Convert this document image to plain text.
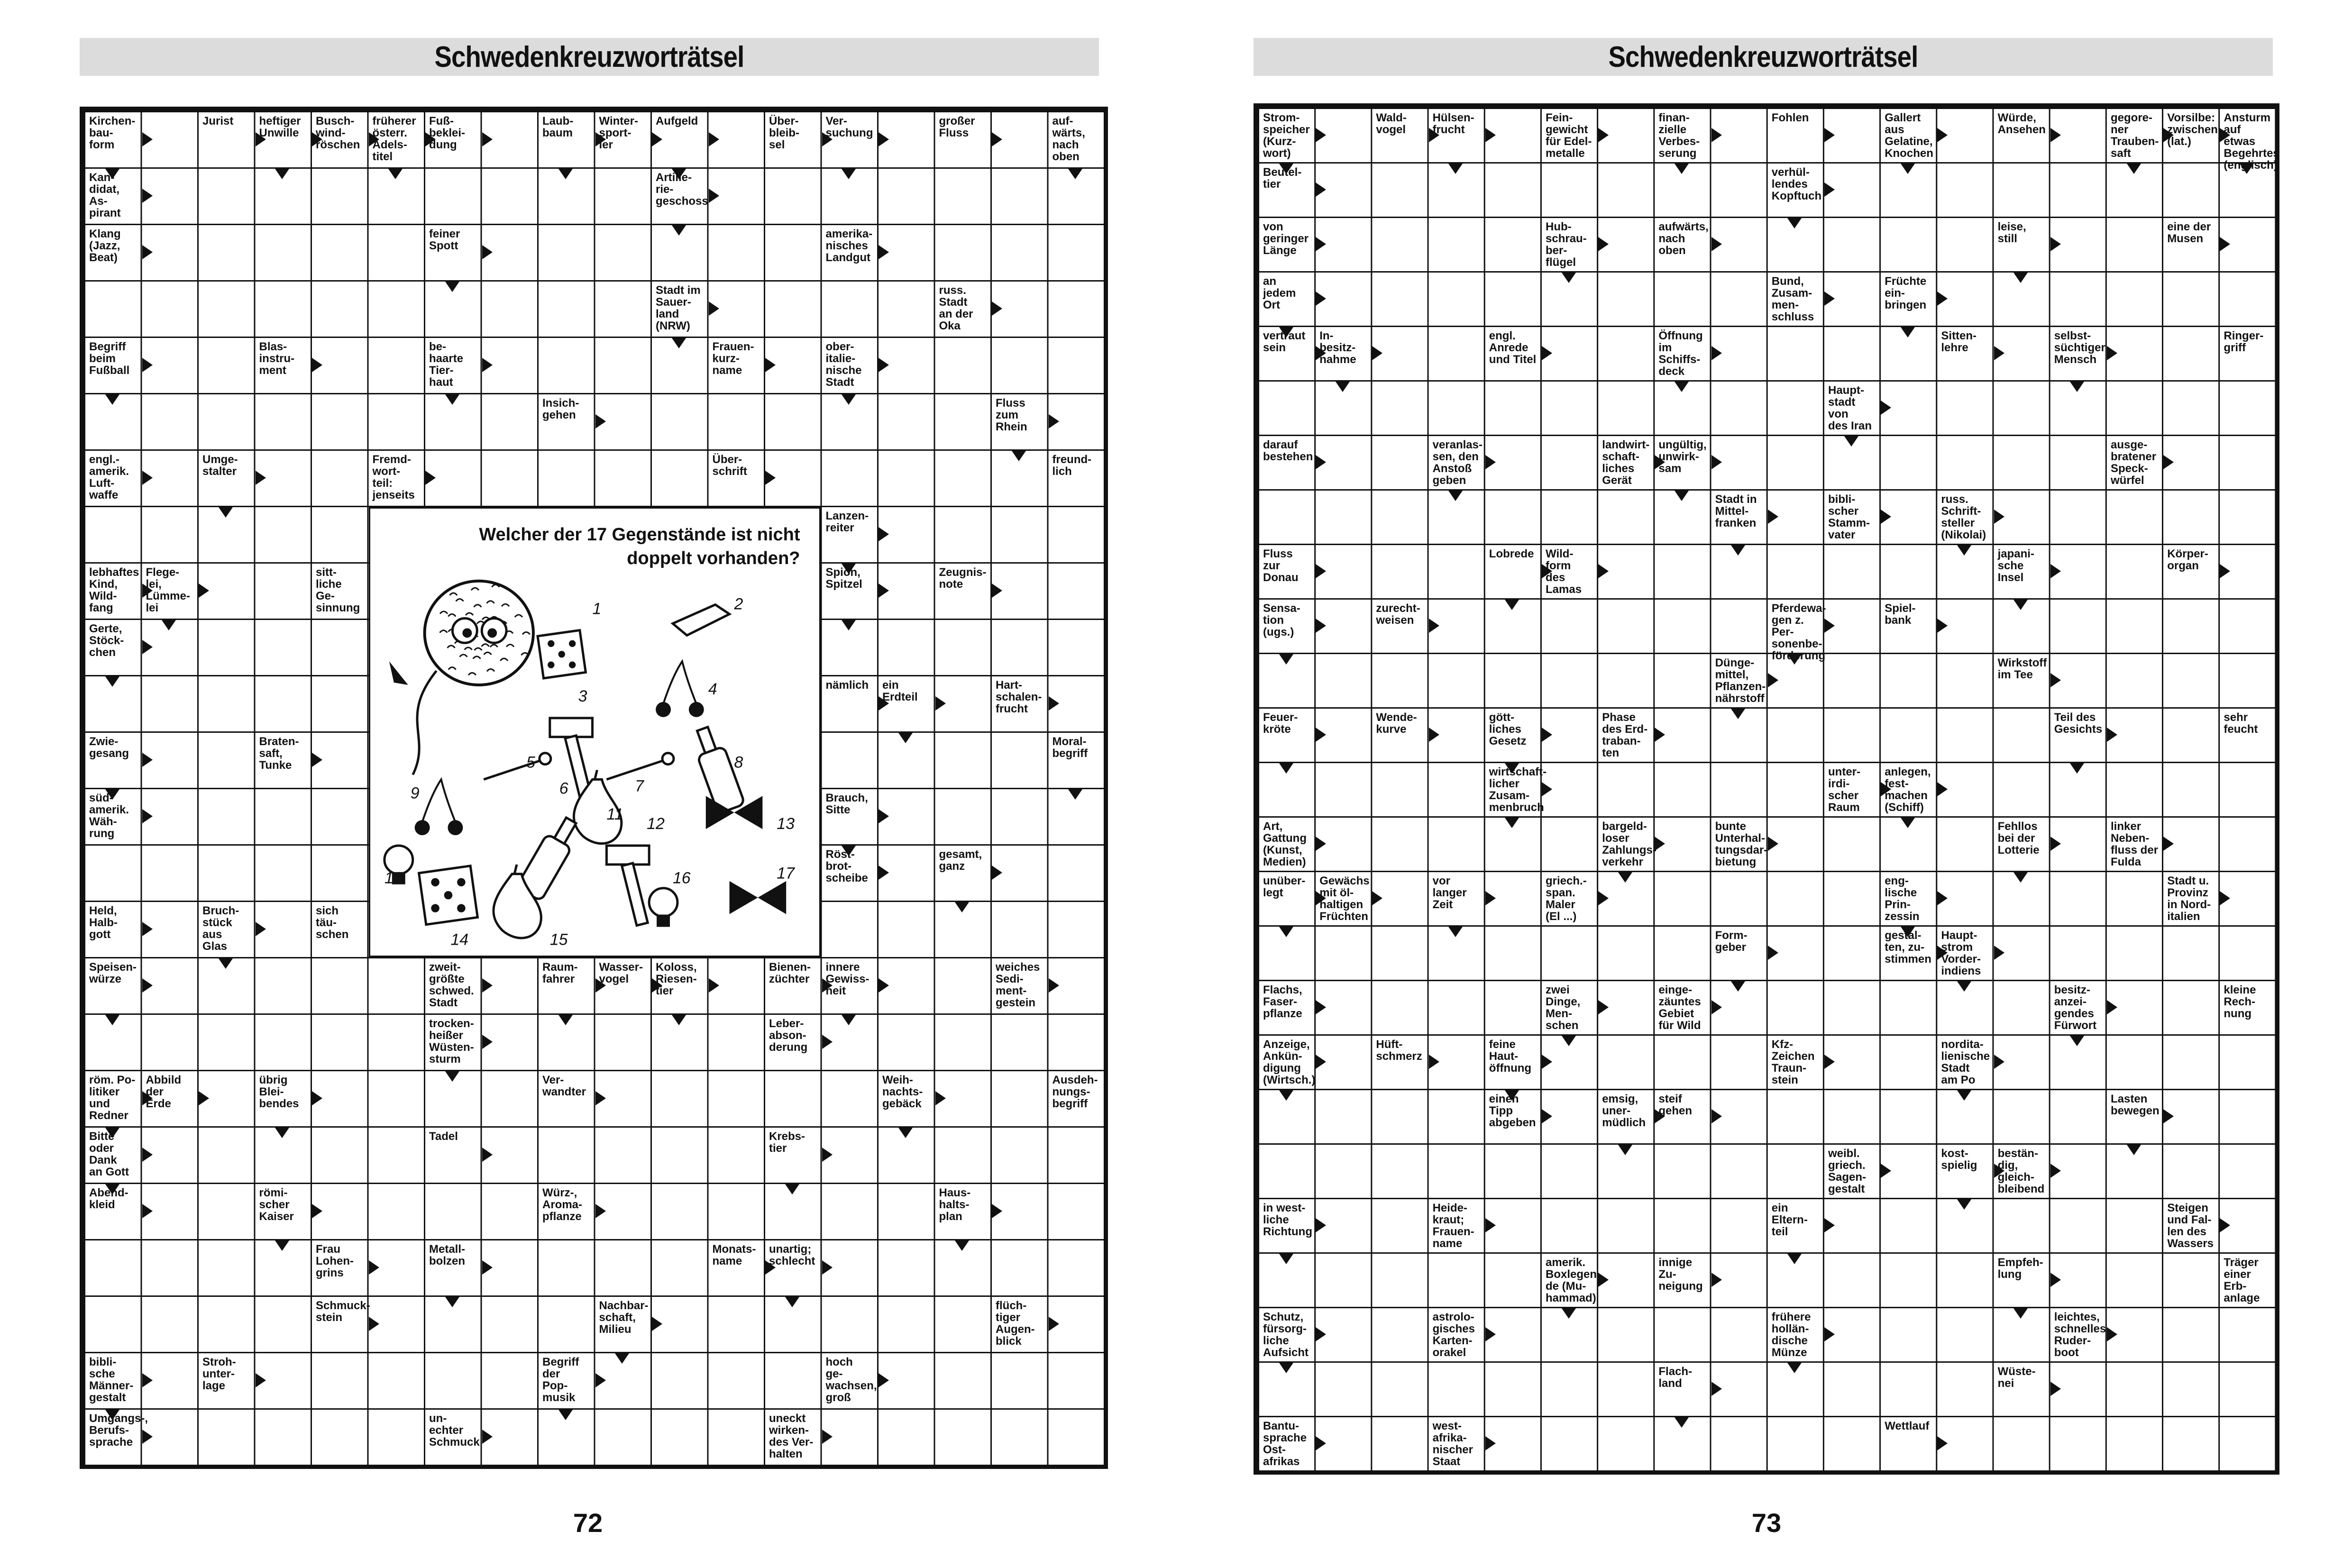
Schwedenkreuzworträtsel
Kirchen-
bau-
form
Jurist	heftiger
Unwille
Busch-
wind-
röschen
früherer
österr.
Adels-
titel
Fuß-
beklei-
dung
Laub-
baum
Winter-
sport-
ler
Aufgeld	Über-
bleib-
sel
Ver-
suchung
großer
Fluss
auf-
wärts,
nach
oben
Kan-
didat,
As-
pirant
Artille-
rie-
geschoss
Klang
(Jazz,
Beat)
feiner
Spott
amerika-
nisches
Landgut
Stadt im
Sauer-
land
(NRW)
russ.
Stadt
an der
Oka
Begriff
beim
Fußball
Blas-
instru-
ment
be-
haarte
Tier-
haut
Frauen-
kurz-
name
ober-
italie-
nische
Stadt
Insich-
gehen
Fluss
zum
Rhein
engl.-
amerik.
Luft-
waffe
Umge-
stalter
Fremd-
wort-
teil:
jenseits
Über-
schrift
freund-
lich
Lanzen-
reiter
lebhaftes
Kind,
Wild-
fang
Flege-
lei,
Lümme-
lei
sitt-
liche
Ge-
sinnung
Spion,
Spitzel
Zeugnis-
note
Gerte,
Stöck-
chen
nämlich	ein
Erdteil
Hart-
schalen-
frucht
Zwie-
gesang
Braten-
saft,
Tunke
Moral-
begriff
süd-
amerik.
Wäh-
rung
Brauch,
Sitte
Röst-
brot-
scheibe
gesamt,
ganz
Held,
Halb-
gott
Bruch-
stück
aus
Glas
sich
täu-
schen
Speisen-
würze
zweit-
größte
schwed.
Stadt
Raum-
fahrer
Wasser-
vogel
Koloss,
Riesen-
tier
Bienen-
züchter
innere
Gewiss-
heit
weiches
Sedi-
ment-
gestein
trocken-
heißer
Wüsten-
sturm
Leber-
abson-
derung
röm. Po-
litiker
und
Redner
Abbild
der
Erde
übrig
Blei-
bendes
Ver-
wandter
Weih-
nachts-
gebäck
Ausdeh-
nungs-
begriff
Bitte
oder
Dank
an Gott
Tadel	Krebs-
tier
Abend-
kleid
römi-
scher
Kaiser
Würz-,
Aroma-
pflanze
Haus-
halts-
plan
Frau
Lohen-
grins
Metall-
bolzen
Monats-
name
unartig;
schlecht
Schmuck-
stein
Nachbar-
schaft,
Milieu
flüch-
tiger
Augen-
blick
bibli-
sche
Männer-
gestalt
Stroh-
unter-
lage
Begriff
der
Pop-
musik
hoch
ge-
wachsen,
groß
Umgangs-,
Berufs-
sprache
un-
echter
Schmuck
uneckt
wirken-
des Ver-
halten
Welcher der 17 Gegenstände ist nicht
doppelt vorhanden?
1	2
3	4
5
6	7
8
9
10
11
12	13
14	15
16	17
72
Schwedenkreuzworträtsel
Strom-
speicher
(Kurz-
wort)
Wald-
vogel
Hülsen-
frucht
Fein-
gewicht
für Edel-
metalle
finan-
zielle
Verbes-
serung
Fohlen	Gallert
aus
Gelatine,
Knochen
Würde,
Ansehen
gegore-
ner
Trauben-
saft
Vorsilbe:
zwischen
(lat.)
Ansturm
auf etwas
Begehrtes
(englisch)
Beutel-
tier
verhül-
lendes
Kopftuch
von
geringer
Länge
Hub-
schrau-
ber-
flügel
aufwärts,
nach
oben
leise,
still
eine der
Musen
an
jedem
Ort
Bund,
Zusam-
men-
schluss
Früchte
ein-
bringen
vertraut
sein
In-
besitz-
nahme
engl.
Anrede
und Titel
Öffnung
im
Schiffs-
deck
Sitten-
lehre
selbst-
süchtiger
Mensch
Ringer-
griff
Haupt-
stadt
von
des Iran
darauf
bestehen
veranlas-
sen, den
Anstoß
geben
landwirt-
schaft-
liches
Gerät
ungültig,
unwirk-
sam
ausge-
bratener
Speck-
würfel
Stadt in
Mittel-
franken
bibli-
scher
Stamm-
vater
russ.
Schrift-
steller
(Nikolai)
Fluss
zur
Donau
Lobrede	Wild-
form
des
Lamas
japani-
sche
Insel
Körper-
organ
Sensa-
tion
(ugs.)
zurecht-
weisen
Pferdewa-
gen z. Per-
sonenbe-
förderung
Spiel-
bank
Dünge-
mittel,
Pflanzen-
nährstoff
Wirkstoff
im Tee
Feuer-
kröte
Wende-
kurve
gött-
liches
Gesetz
Phase
des Erd-
traban-
ten
Teil des
Gesichts
sehr
feucht
wirtschaft-
licher
Zusam-
menbruch
unter-
irdi-
scher
Raum
anlegen,
fest-
machen
(Schiff)
Art,
Gattung
(Kunst,
Medien)
bargeld-
loser
Zahlungs-
verkehr
bunte
Unterhal-
tungsdar-
bietung
Fehllos
bei der
Lotterie
linker
Neben-
fluss der
Fulda
unüber-
legt
Gewächs
mit öl-
haltigen
Früchten
vor
langer
Zeit
griech.-
span.
Maler
(El ...)
eng-
lische
Prin-
zessin
Stadt u.
Provinz
in Nord-
italien
Form-
geber
gestal-
ten, zu-
stimmen
Haupt-
strom
Vorder-
indiens
Flachs,
Faser-
pflanze
zwei
Dinge,
Men-
schen
einge-
zäuntes
Gebiet
für Wild
besitz-
anzei-
gendes
Fürwort
kleine
Rech-
nung
Anzeige,
Ankün-
digung
(Wirtsch.)
Hüft-
schmerz
feine
Haut-
öffnung
Kfz-
Zeichen
Traun-
stein
nordita-
lienische
Stadt
am Po
einen
Tipp
abgeben
emsig,
uner-
müdlich
steif
gehen
Lasten
bewegen
weibl.
griech.
Sagen-
gestalt
kost-
spielig
bestän-
dig,
gleich-
bleibend
in west-
liche
Richtung
Heide-
kraut;
Frauen-
name
ein
Eltern-
teil
Steigen
und Fal-
len des
Wassers
amerik.
Boxlegen-
de (Mu-
hammad)
innige
Zu-
neigung
Empfeh-
lung
Träger
einer
Erb-
anlage
Schutz,
fürsorg-
liche
Aufsicht
astrolo-
gisches
Karten-
orakel
frühere
hollän-
dische
Münze
leichtes,
schnelles
Ruder-
boot
Flach-
land
Wüste-
nei
Bantu-
sprache
Ost-
afrikas
west-
afrika-
nischer
Staat
Wettlauf
73
